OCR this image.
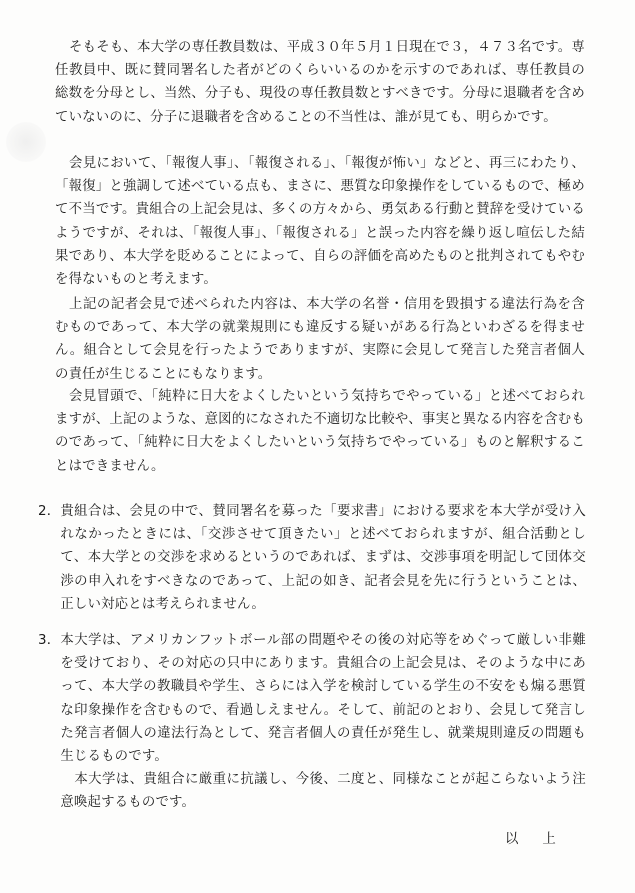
そもそも、本大学の専任教員数は、平成３０年５月１日現在で３，４７３名です。専任教員中、既に賛同署名した者がどのくらいいるのかを示すのであれば、専任教員の総数を分母とし、当然、分子も、現役の専任教員数とすべきです。分母に退職者を含めていないのに、分子に退職者を含めることの不当性は、誰が見ても、明らかです。
会見において、「報復人事」、「報復される」、「報復が怖い」などと、再三にわたり、「報復」と強調して述べている点も、まさに、悪質な印象操作をしているもので、極めて不当です。貴組合の上記会見は、多くの方々から、勇気ある行動と賛辞を受けているようですが、それは、「報復人事」、「報復される」と誤った内容を繰り返し喧伝した結果であり、本大学を貶めることによって、自らの評価を高めたものと批判されてもやむを得ないものと考えます。
上記の記者会見で述べられた内容は、本大学の名誉・信用を毀損する違法行為を含むものであって、本大学の就業規則にも違反する疑いがある行為といわざるを得ません。組合として会見を行ったようでありますが、実際に会見して発言した発言者個人の責任が生じることにもなります。
会見冒頭で、「純粋に日大をよくしたいという気持ちでやっている」と述べておられますが、上記のような、意図的になされた不適切な比較や、事実と異なる内容を含むものであって、「純粋に日大をよくしたいという気持ちでやっている」ものと解釈することはできません。
2． 貴組合は、会見の中で、賛同署名を募った「要求書」における要求を本大学が受け入れなかったときには、「交渉させて頂きたい」と述べておられますが、組合活動として、本大学との交渉を求めるというのであれば、まずは、交渉事項を明記して団体交渉の申入れをすべきなのであって、上記の如き、記者会見を先に行うということは、正しい対応とは考えられません。
3． 本大学は、アメリカンフットボール部の問題やその後の対応等をめぐって厳しい非難を受けており、その対応の只中にあります。貴組合の上記会見は、そのような中にあって、本大学の教職員や学生、さらには入学を検討している学生の不安をも煽る悪質な印象操作を含むもので、看過しえません。そして、前記のとおり、会見して発言した発言者個人の違法行為として、発言者個人の責任が発生し、就業規則違反の問題も生じるものです。
本大学は、貴組合に厳重に抗議し、今後、二度と、同様なことが起こらないよう注意喚起するものです。
以 上
